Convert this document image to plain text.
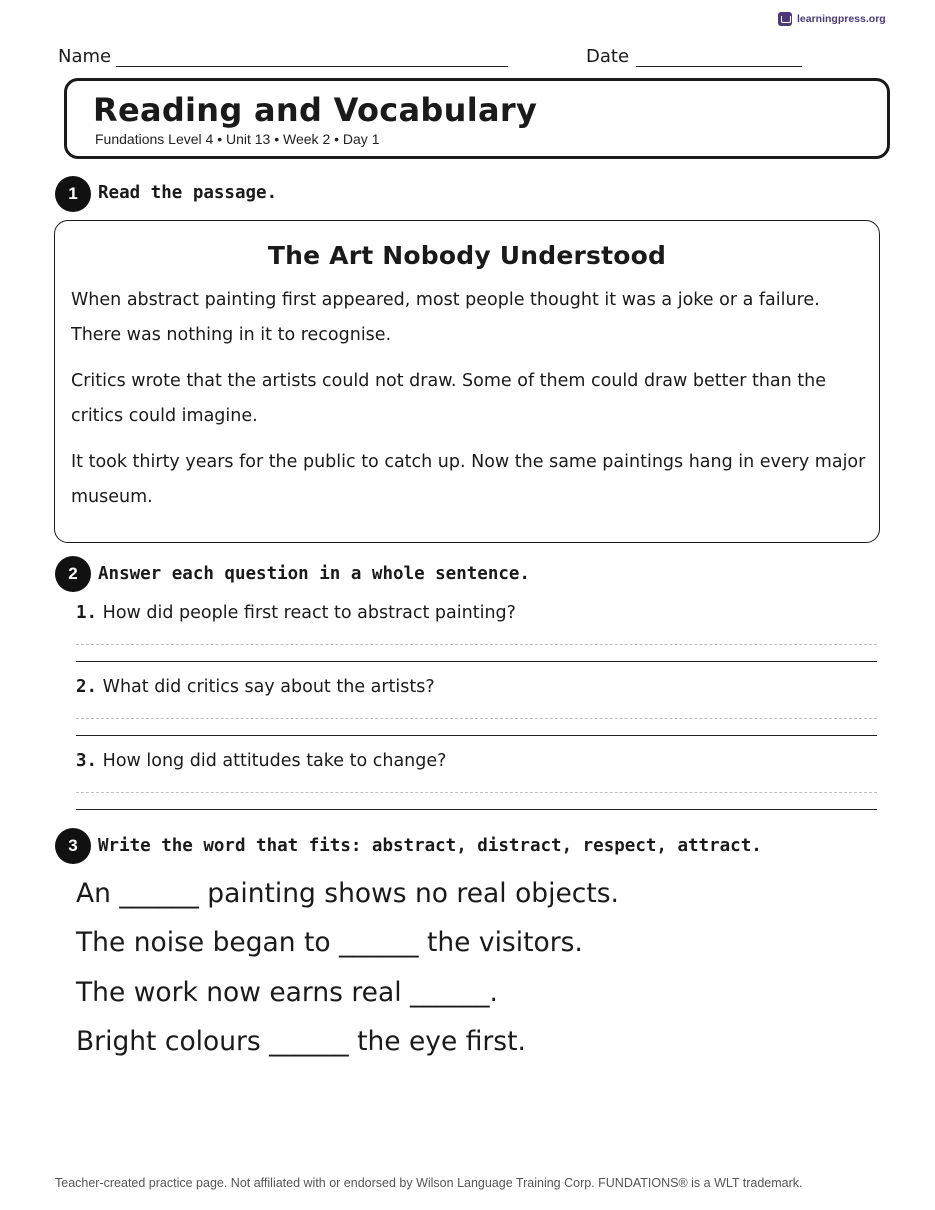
learningpress.org
Name	Date
Reading and Vocabulary
Fundations Level 4 • Unit 13 • Week 2 • Day 1
1	Read the passage.
The Art Nobody Understood

When abstract painting first appeared, most people thought it was a joke or a failure. There was nothing in it to recognise.

Critics wrote that the artists could not draw. Some of them could draw better than the critics could imagine.

It took thirty years for the public to catch up. Now the same paintings hang in every major museum.

2	Answer each question in a whole sentence.
1. How did people first react to abstract painting?
2. What did critics say about the artists?
3. How long did attitudes take to change?
3	Write the word that fits: abstract, distract, respect, attract.
An ______ painting shows no real objects.
The noise began to ______ the visitors.
The work now earns real ______.
Bright colours ______ the eye first.
Teacher-created practice page. Not affiliated with or endorsed by Wilson Language Training Corp. FUNDATIONS® is a WLT trademark.
